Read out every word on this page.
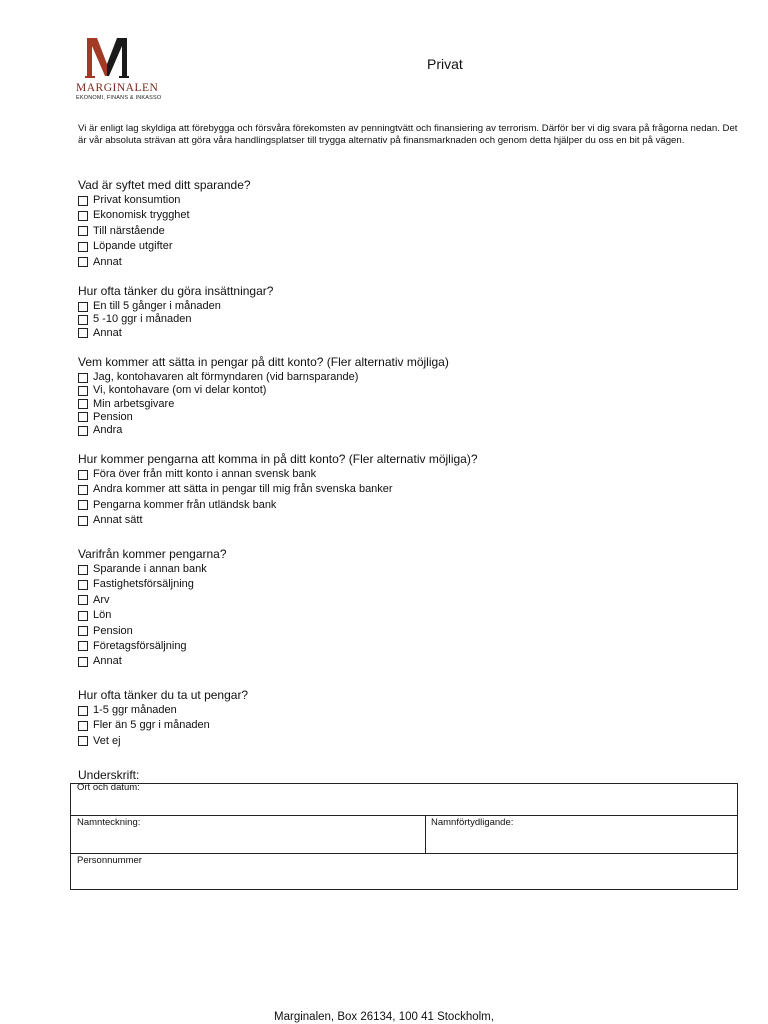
MARGINALEN
EKONOMI, FINANS & INKASSO
Privat
Vi är enligt lag skyldiga att förebygga och försvåra förekomsten av penningtvätt och finansiering av terrorism. Därför ber vi dig svara på frågorna nedan. Det är vår absoluta strävan att göra våra handlingsplatser till trygga alternativ på finansmarknaden och genom detta hjälper du oss en bit på vägen.
Vad är syftet med ditt sparande?
Privat konsumtion
Ekonomisk trygghet
Till närstående
Löpande utgifter
Annat
Hur ofta tänker du göra insättningar?
En till 5 gånger i månaden
5 -10 ggr i månaden
Annat
Vem kommer att sätta in pengar på ditt konto? (Fler alternativ möjliga)
Jag, kontohavaren alt förmyndaren (vid barnsparande)
Vi, kontohavare (om vi delar kontot)
Min arbetsgivare
Pension
Andra
Hur kommer pengarna att komma in på ditt konto? (Fler alternativ möjliga)?
Föra över från mitt konto i annan svensk bank
Andra kommer att sätta in pengar till mig från svenska banker
Pengarna kommer från utländsk bank
Annat sätt
Varifrån kommer pengarna?
Sparande i annan bank
Fastighetsförsäljning
Arv
Lön
Pension
Företagsförsäljning
Annat
Hur ofta tänker du ta ut pengar?
1-5 ggr månaden
Fler än 5 ggr i månaden
Vet ej
Underskrift:
Ort och datum:
Namnteckning:	Namnförtydligande:
Personnummer
Marginalen, Box 26134, 100 41 Stockholm,
